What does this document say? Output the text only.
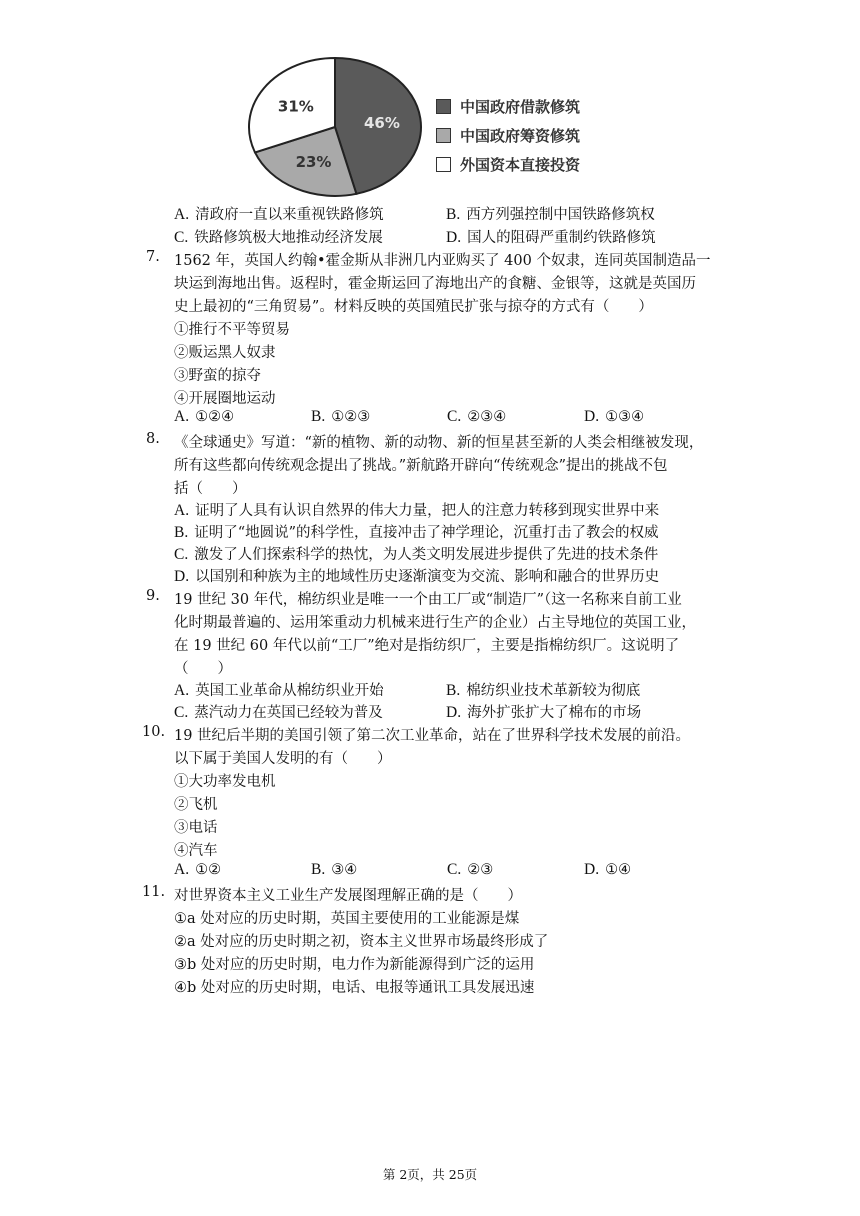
46%
23%
31%	中国政府借款修筑
中国政府筹资修筑
外国资本直接投资
A. 清政府一直以来重视铁路修筑	B. 西方列强控制中国铁路修筑权
C. 铁路修筑极大地推动经济发展	D. 国人的阻碍严重制约铁路修筑
7. 1562 年，英国人约翰•霍金斯从非洲几内亚购买了 400 个奴隶，连同英国制造品一
块运到海地出售。返程时，霍金斯运回了海地出产的食糖、金银等，这就是英国历
史上最初的“三角贸易”。材料反映的英国殖民扩张与掠夺的方式有（　　）
①推行不平等贸易
②贩运黑人奴隶
③野蛮的掠夺
④开展圈地运动
A. ①②④	B. ①②③	C. ②③④	D. ①③④
8. 《全球通史》写道：“新的植物、新的动物、新的恒星甚至新的人类会相继被发现，
所有这些都向传统观念提出了挑战。”新航路开辟向“传统观念”提出的挑战不包
括（　　）
A. 证明了人具有认识自然界的伟大力量，把人的注意力转移到现实世界中来
B. 证明了“地圆说”的科学性，直接冲击了神学理论，沉重打击了教会的权威
C. 激发了人们探索科学的热忱，为人类文明发展进步提供了先进的技术条件
D. 以国别和种族为主的地域性历史逐渐演变为交流、影响和融合的世界历史
9. 19 世纪 30 年代，棉纺织业是唯一一个由工厂或“制造厂”（这一名称来自前工业
化时期最普遍的、运用笨重动力机械来进行生产的企业）占主导地位的英国工业，
在 19 世纪 60 年代以前“工厂”绝对是指纺织厂，主要是指棉纺织厂。这说明了
（　　）
A. 英国工业革命从棉纺织业开始	B. 棉纺织业技术革新较为彻底
C. 蒸汽动力在英国已经较为普及	D. 海外扩张扩大了棉布的市场
10. 19 世纪后半期的美国引领了第二次工业革命，站在了世界科学技术发展的前沿。
以下属于美国人发明的有（　　）
①大功率发电机
②飞机
③电话
④汽车
A. ①②	B. ③④	C. ②③	D. ①④
11. 对世界资本主义工业生产发展图理解正确的是（　　）
①a 处对应的历史时期，英国主要使用的工业能源是煤
②a 处对应的历史时期之初，资本主义世界市场最终形成了
③b 处对应的历史时期，电力作为新能源得到广泛的运用
④b 处对应的历史时期，电话、电报等通讯工具发展迅速
第 2页，共 25页
